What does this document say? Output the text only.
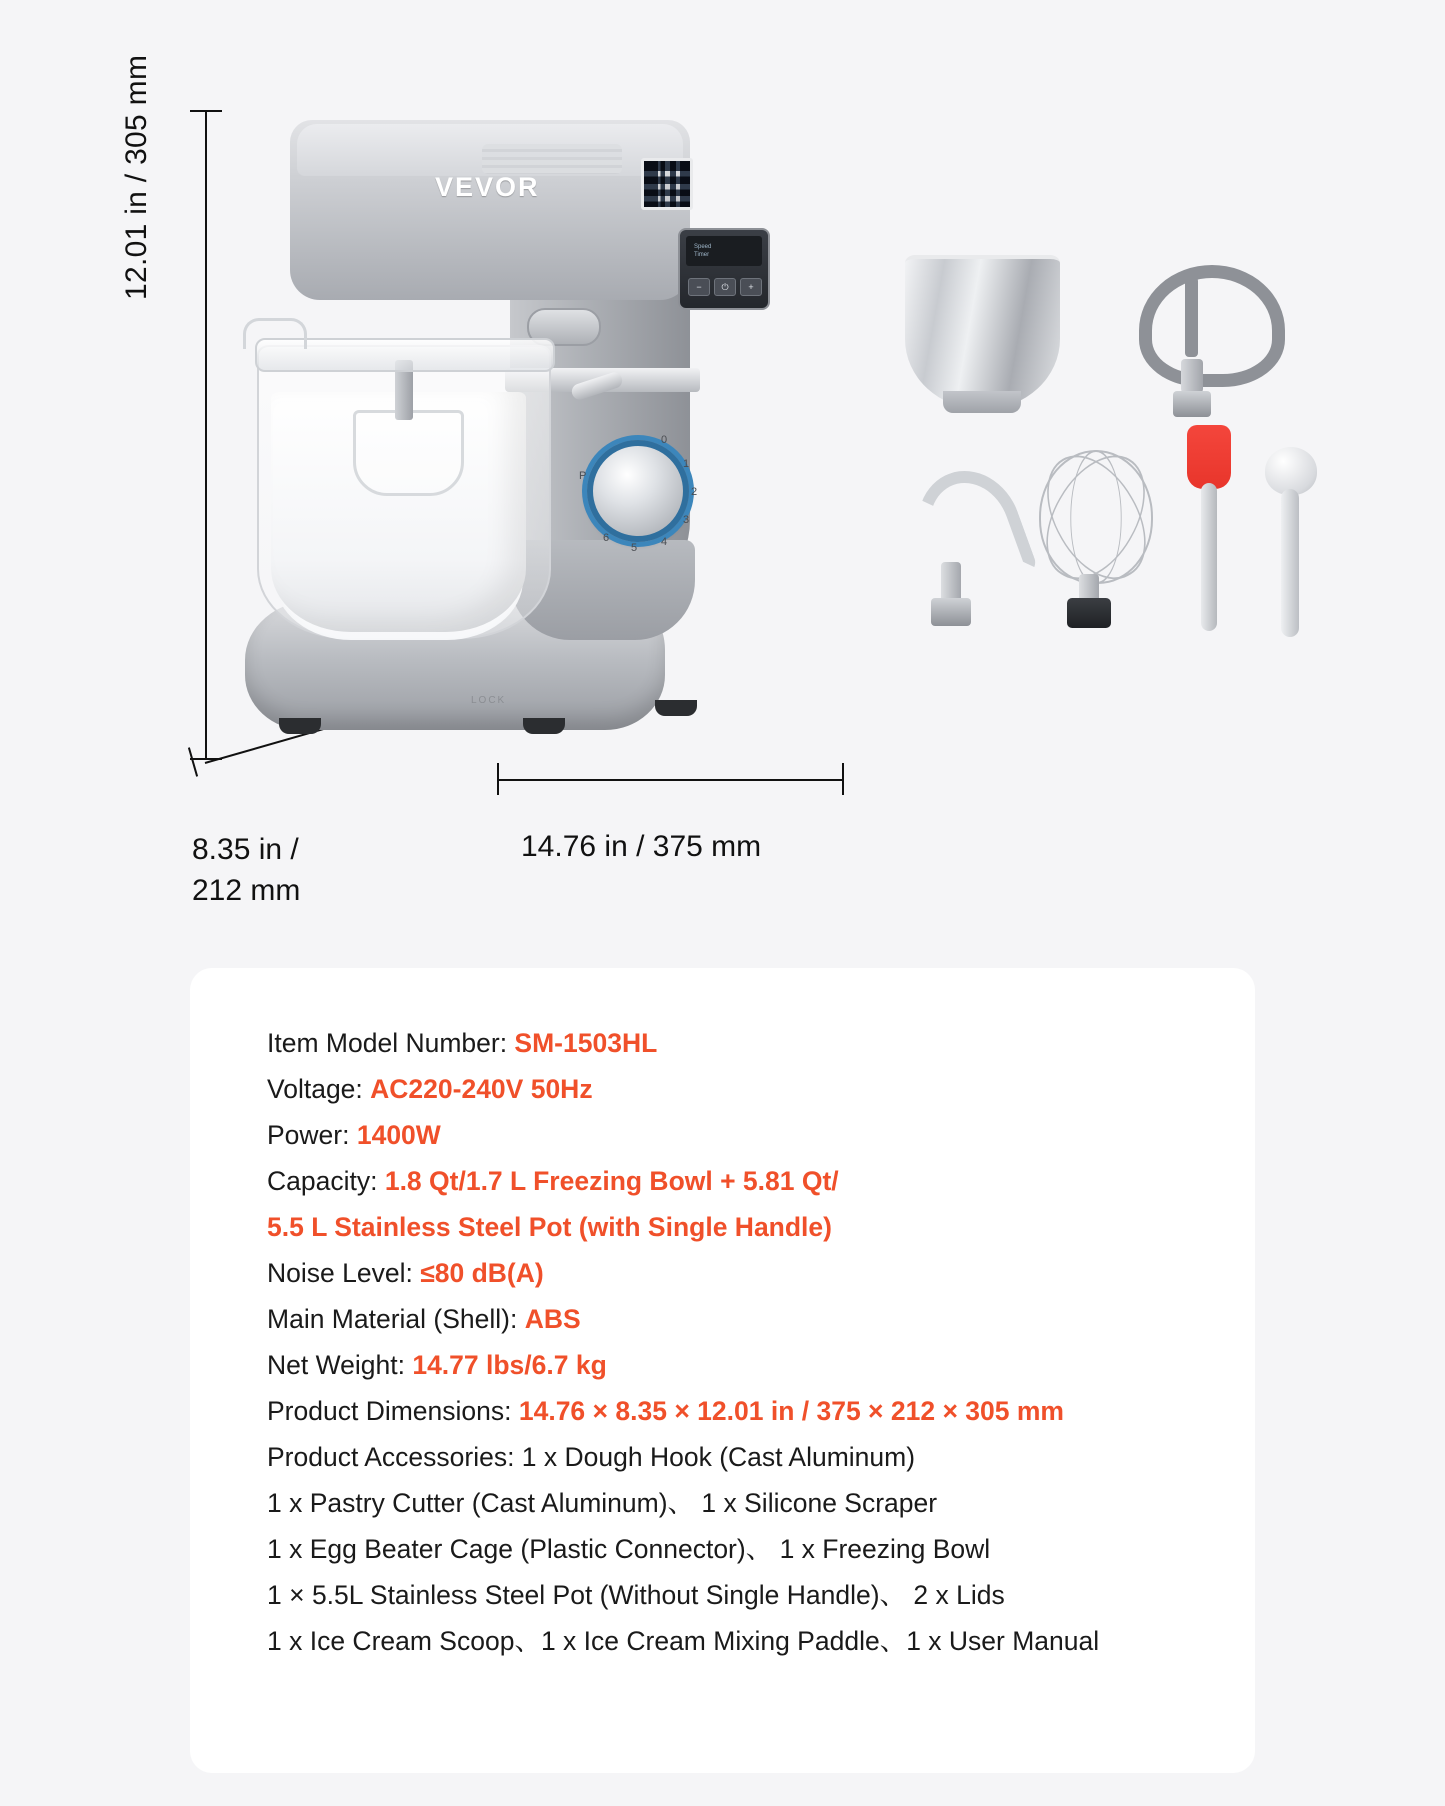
12.01 in / 305 mm
14.76 in / 375 mm
8.35 in /
212 mm
LOCK
Speed
Timer
−	⏻	+
VEVOR
0
1
2
3
4
5
6
P
Item Model Number: SM-1503HL
Voltage: AC220-240V 50Hz
Power: 1400W
Capacity: 1.8 Qt/1.7 L Freezing Bowl + 5.81 Qt/
5.5 L Stainless Steel Pot (with Single Handle)
Noise Level: ≤80 dB(A)
Main Material (Shell): ABS
Net Weight: 14.77 lbs/6.7 kg
Product Dimensions: 14.76 × 8.35 × 12.01 in / 375 × 212 × 305 mm
Product Accessories: 1 x Dough Hook (Cast Aluminum)
1 x Pastry Cutter (Cast Aluminum)、 1 x Silicone Scraper
1 x Egg Beater Cage (Plastic Connector)、 1 x Freezing Bowl
1 × 5.5L Stainless Steel Pot (Without Single Handle)、 2 x Lids
1 x Ice Cream Scoop、1 x Ice Cream Mixing Paddle、1 x User Manual
